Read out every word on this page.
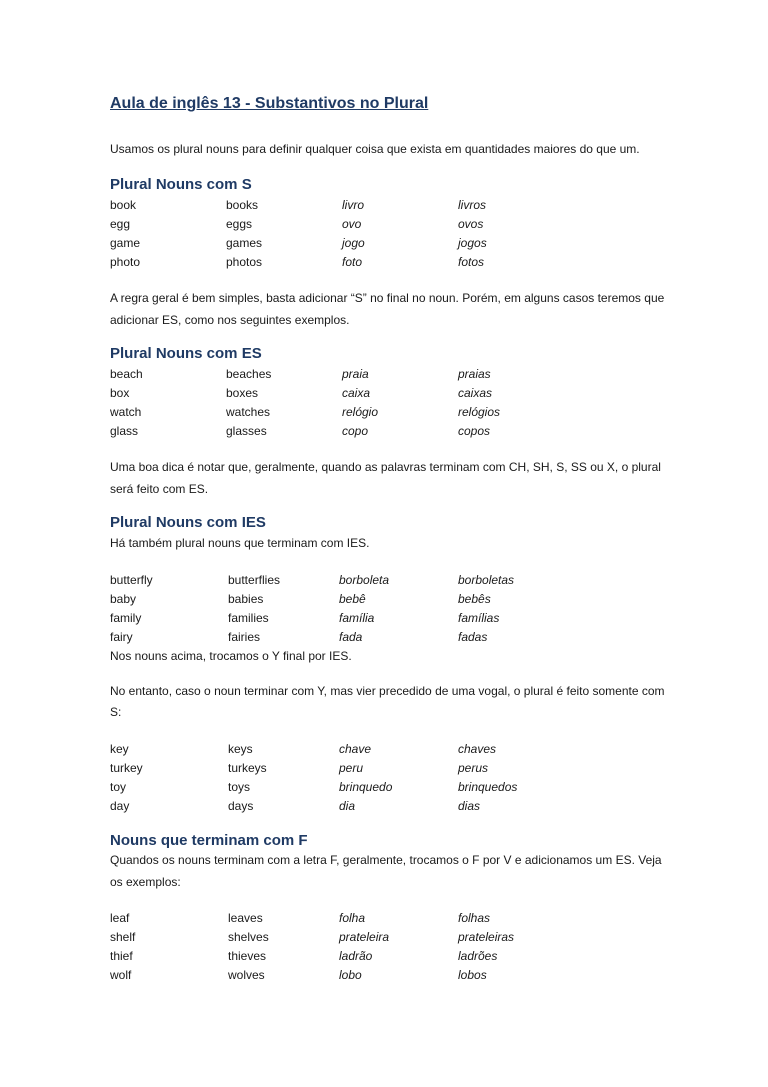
Aula de inglês 13 - Substantivos no Plural
Usamos os plural nouns para definir qualquer coisa que exista em quantidades maiores do que um.
Plural Nouns com S
book	books	livro	livros
egg	eggs	ovo	ovos
game	games	jogo	jogos
photo	photos	foto	fotos
A regra geral é bem simples, basta adicionar “S” no final no noun. Porém, em alguns casos teremos que
adicionar ES, como nos seguintes exemplos.
Plural Nouns com ES
beach	beaches	praia	praias
box	boxes	caixa	caixas
watch	watches	relógio	relógios
glass	glasses	copo	copos
Uma boa dica é notar que, geralmente, quando as palavras terminam com CH, SH, S, SS ou X, o plural
será feito com ES.
Plural Nouns com IES
Há também plural nouns que terminam com IES.
butterfly	butterflies	borboleta	borboletas
baby	babies	bebê	bebês
family	families	família	famílias
fairy	fairies	fada	fadas
Nos nouns acima, trocamos o Y final por IES.
No entanto, caso o noun terminar com Y, mas vier precedido de uma vogal, o plural é feito somente com
S:
key	keys	chave	chaves
turkey	turkeys	peru	perus
toy	toys	brinquedo	brinquedos
day	days	dia	dias
Nouns que terminam com F
Quandos os nouns terminam com a letra F, geralmente, trocamos o F por V e adicionamos um ES. Veja
os exemplos:
leaf	leaves	folha	folhas
shelf	shelves	prateleira	prateleiras
thief	thieves	ladrão	ladrões
wolf	wolves	lobo	lobos
